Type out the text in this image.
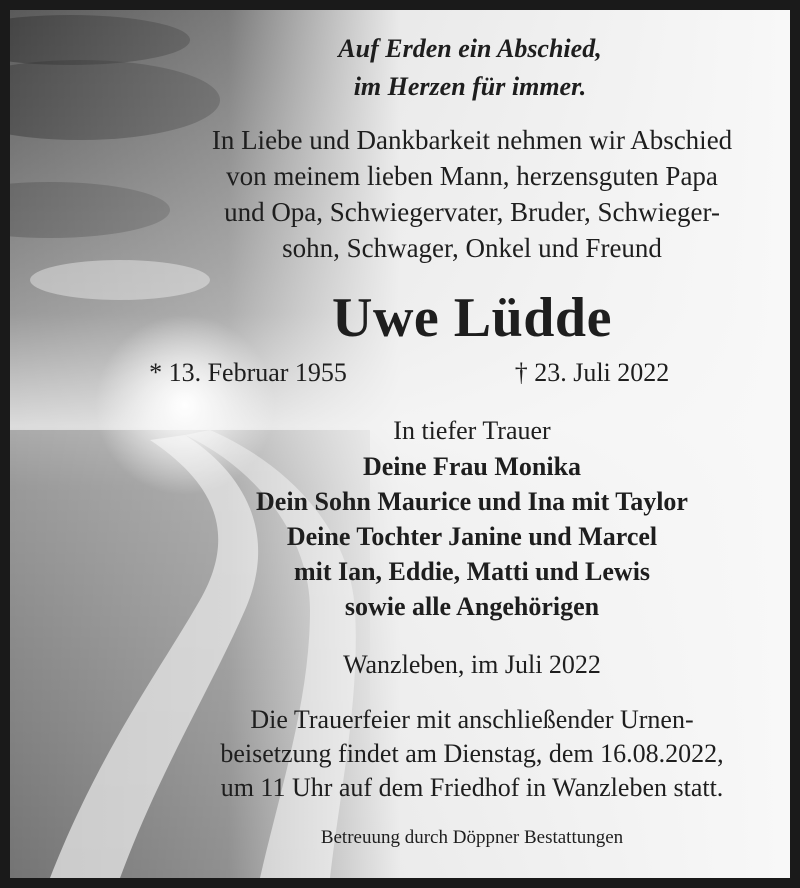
Auf Erden ein Abschied,
im Herzen für immer.
In Liebe und Dankbarkeit nehmen wir Abschied
von meinem lieben Mann, herzensguten Papa
und Opa, Schwiegervater, Bruder, Schwieger-
sohn, Schwager, Onkel und Freund
Uwe Lüdde
* 13. Februar 1955	† 23. Juli 2022
In tiefer Trauer
Deine Frau Monika
Dein Sohn Maurice und Ina mit Taylor
Deine Tochter Janine und Marcel
mit Ian, Eddie, Matti und Lewis
sowie alle Angehörigen
Wanzleben, im Juli 2022
Die Trauerfeier mit anschließender Urnen-
beisetzung findet am Dienstag, dem 16.08.2022,
um 11 Uhr auf dem Friedhof in Wanzleben statt.
Betreuung durch Döppner Bestattungen
